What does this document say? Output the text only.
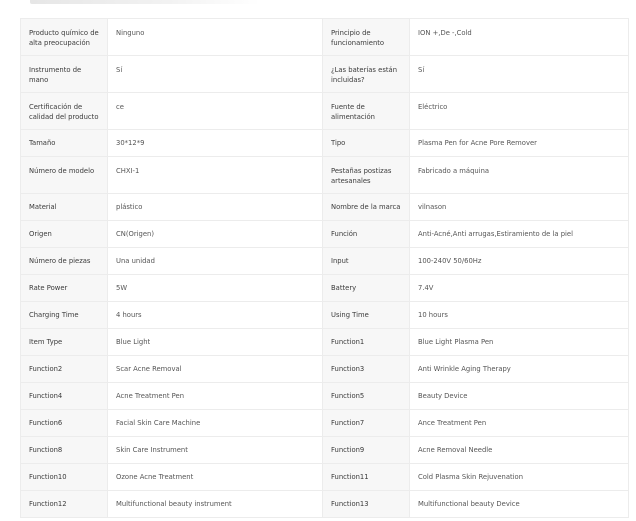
Producto químico de alta preocupación	Ninguno	Principio de funcionamiento	ION +,De -,Cold
Instrumento de mano	Sí	¿Las baterías están incluidas?	Sí
Certificación de calidad del producto	ce	Fuente de alimentación	Eléctrico
Tamaño	30*12*9	Tipo	Plasma Pen for Acne Pore Remover
Número de modelo	CHXI-1	Pestañas postizas artesanales	Fabricado a máquina
Material	plástico	Nombre de la marca	vilnason
Origen	CN(Origen)	Función	Anti-Acné,Anti arrugas,Estiramiento de la piel
Número de piezas	Una unidad	Input	100-240V 50/60Hz
Rate Power	5W	Battery	7.4V
Charging Time	4 hours	Using Time	10 hours
Item Type	Blue Light	Function1	Blue Light Plasma Pen
Function2	Scar Acne Removal	Function3	Anti Wrinkle Aging Therapy
Function4	Acne Treatment Pen	Function5	Beauty Device
Function6	Facial Skin Care Machine	Function7	Ance Treatment Pen
Function8	Skin Care Instrument	Function9	Acne Removal Needle
Function10	Ozone Acne Treatment	Function11	Cold Plasma Skin Rejuvenation
Function12	Multifunctional beauty instrument	Function13	Multifunctional beauty Device
